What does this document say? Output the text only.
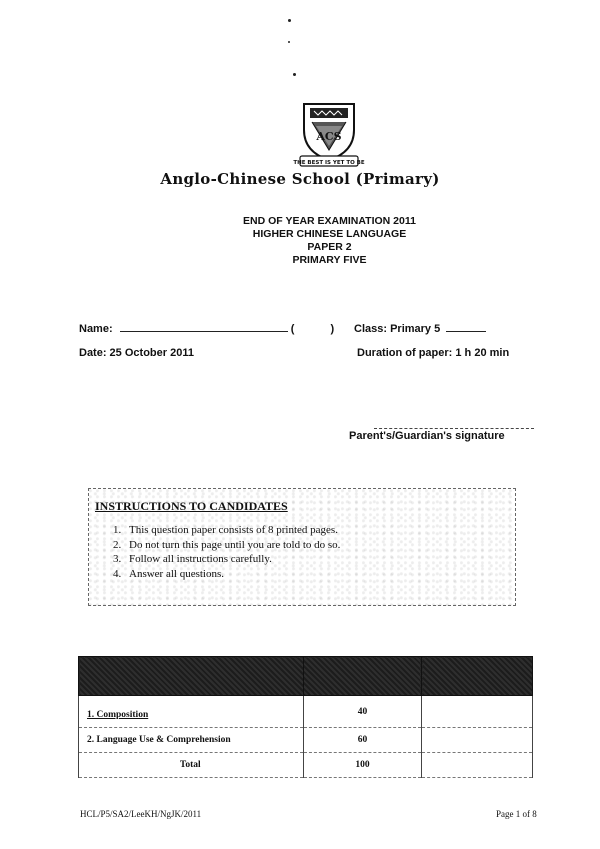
ACS
THE BEST IS YET TO BE
Anglo-Chinese School (Primary)
END OF YEAR EXAMINATION 2011
HIGHER CHINESE LANGUAGE
PAPER 2
PRIMARY FIVE
Name:	(	) Class: Primary 5
Date: 25 October 2011	Duration of paper: 1 h 20 min
Parent's/Guardian's signature
INSTRUCTIONS TO CANDIDATES
1. This question paper consists of 8 printed pages.
2. Do not turn this page until you are told to do so.
3. Follow all instructions carefully.
4. Answer all questions.

1. Composition	40	
2. Language Use & Comprehension	60	
Total	100	
HCL/P5/SA2/LeeKH/NgJK/2011	Page 1 of 8
